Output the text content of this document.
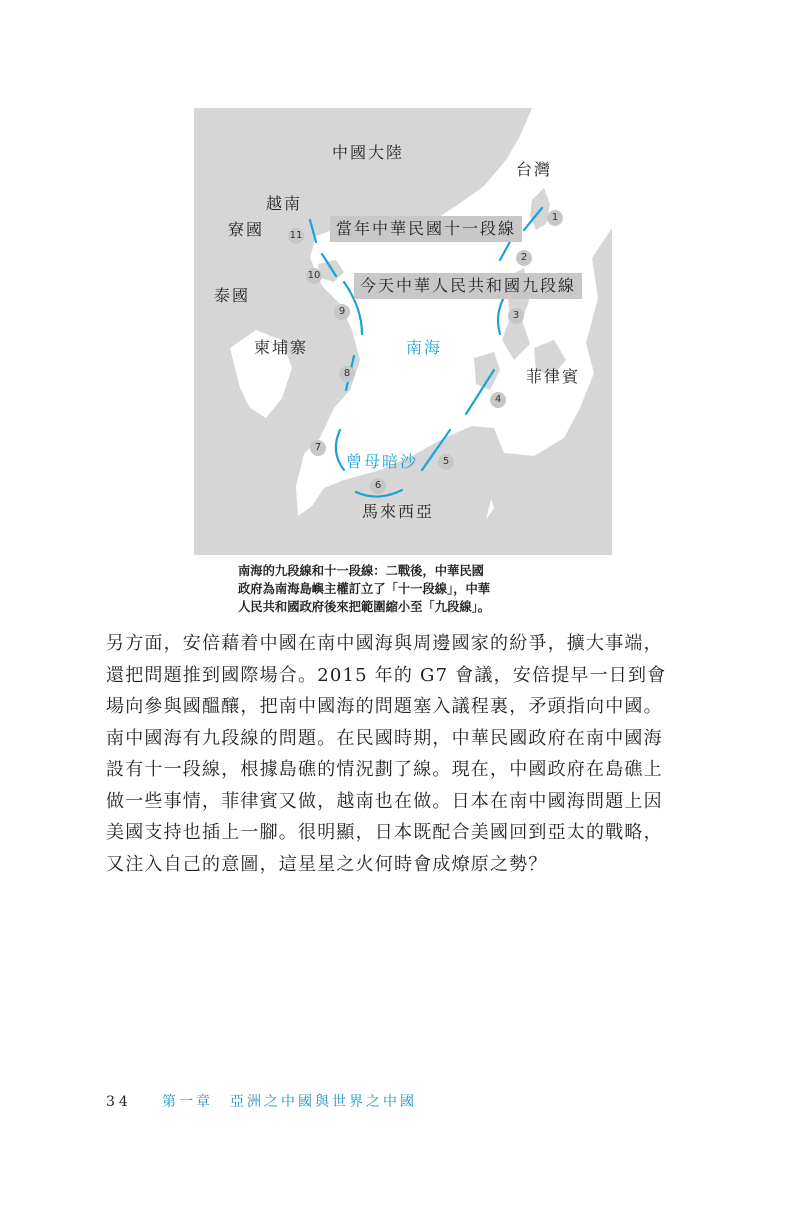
中國大陸
台灣
越南
寮國
泰國
柬埔寨
菲律賓
馬來西亞
南海
曾母暗沙
當年中華民國十一段線
今天中華人民共和國九段線
1
2
3
4
5
6
7
8
9
10
11
南海的九段線和十一段線：二戰後，中華民國
政府為南海島嶼主權訂立了「十一段線」，中華
人民共和國政府後來把範圍縮小至「九段線」。
另方面，安倍藉着中國在南中國海與周邊國家的紛爭，擴大事端，
還把問題推到國際場合。2015 年的 G7 會議，安倍提早一日到會
場向參與國醞釀，把南中國海的問題塞入議程裏，矛頭指向中國。
南中國海有九段線的問題。在民國時期，中華民國政府在南中國海
設有十一段線，根據島礁的情況劃了線。現在，中國政府在島礁上
做一些事情，菲律賓又做，越南也在做。日本在南中國海問題上因
美國支持也插上一腳。很明顯，日本既配合美國回到亞太的戰略，
又注入自己的意圖，這星星之火何時會成燎原之勢？
34 第一章　亞洲之中國與世界之中國
